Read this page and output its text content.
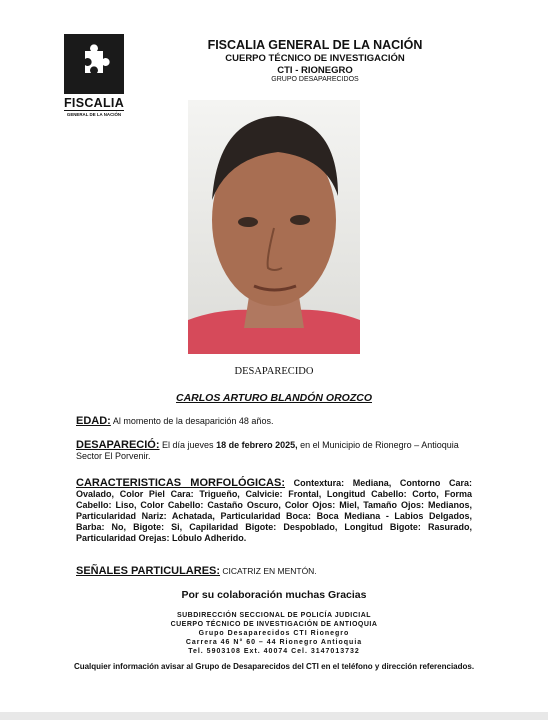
FISCALIA
GENERAL DE LA NACIÓN
FISCALIA GENERAL DE LA NACIÓN
CUERPO TÉCNICO DE INVESTIGACIÓN
CTI - RIONEGRO
GRUPO DESAPARECIDOS
DESAPARECIDO
CARLOS ARTURO BLANDÓN OROZCO
EDAD: Al momento de la desaparición 48 años.
DESAPARECIÓ: El día jueves 18 de febrero 2025, en el Municipio de Rionegro – Antioquia Sector El Porvenir.
CARACTERISTICAS MORFOLÓGICAS: Contextura: Mediana, Contorno Cara: Ovalado, Color Piel Cara: Trigueño, Calvicie: Frontal, Longitud Cabello: Corto, Forma Cabello: Liso, Color Cabello: Castaño Oscuro, Color Ojos: Miel, Tamaño Ojos: Medianos, Particularidad Nariz: Achatada, Particularidad Boca: Boca Mediana - Labios Delgados, Barba: No, Bigote: Si, Capilaridad Bigote: Despoblado, Longitud Bigote: Rasurado, Particularidad Orejas: Lóbulo Adherido.
SEÑALES PARTICULARES: CICATRIZ EN MENTÓN.
Por su colaboración muchas Gracias
SUBDIRECCIÓN SECCIONAL DE POLICÍA JUDICIAL
CUERPO TÉCNICO DE INVESTIGACIÓN DE ANTIOQUIA
Grupo Desaparecidos CTI Rionegro
Carrera 46 N° 60 – 44 Rionegro Antioquia
Tel. 5903108 Ext. 40074 Cel. 3147013732
Cualquier información avisar al Grupo de Desaparecidos del CTI en el teléfono y dirección referenciados.
